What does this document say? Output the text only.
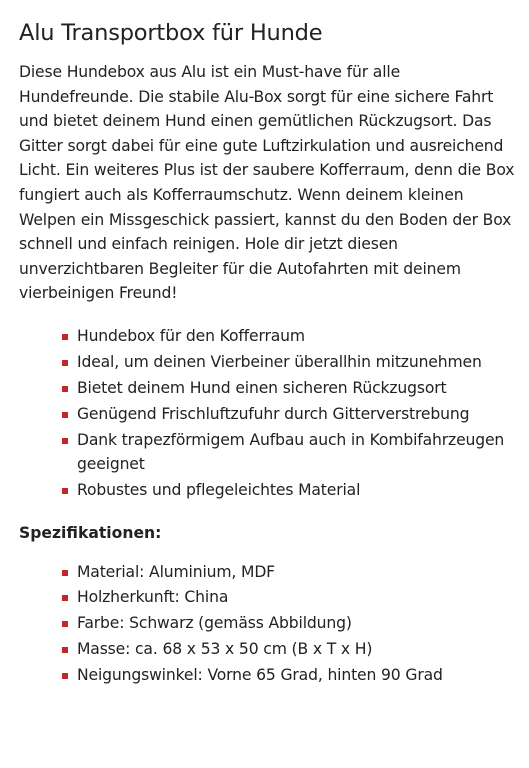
Alu Transportbox für Hunde

Diese Hundebox aus Alu ist ein Must-have für alle Hundefreunde. Die stabile Alu-Box sorgt für eine sichere Fahrt und bietet deinem Hund einen gemütlichen Rückzugsort. Das Gitter sorgt dabei für eine gute Luftzirkulation und ausreichend Licht. Ein weiteres Plus ist der saubere Kofferraum, denn die Box fungiert auch als Kofferraumschutz. Wenn deinem kleinen Welpen ein Missgeschick passiert, kannst du den Boden der Box schnell und einfach reinigen. Hole dir jetzt diesen unverzichtbaren Begleiter für die Autofahrten mit deinem vierbeinigen Freund!

Hundebox für den Kofferraum
Ideal, um deinen Vierbeiner überallhin mitzunehmen
Bietet deinem Hund einen sicheren Rückzugsort
Genügend Frischluftzufuhr durch Gitterverstrebung
Dank trapezförmigem Aufbau auch in Kombifahrzeugen geeignet
Robustes und pflegeleichtes Material
Spezifikationen:
Material: Aluminium, MDF
Holzherkunft: China
Farbe: Schwarz (gemäss Abbildung)
Masse: ca. 68 x 53 x 50 cm (B x T x H)
Neigungswinkel: Vorne 65 Grad, hinten 90 Grad
